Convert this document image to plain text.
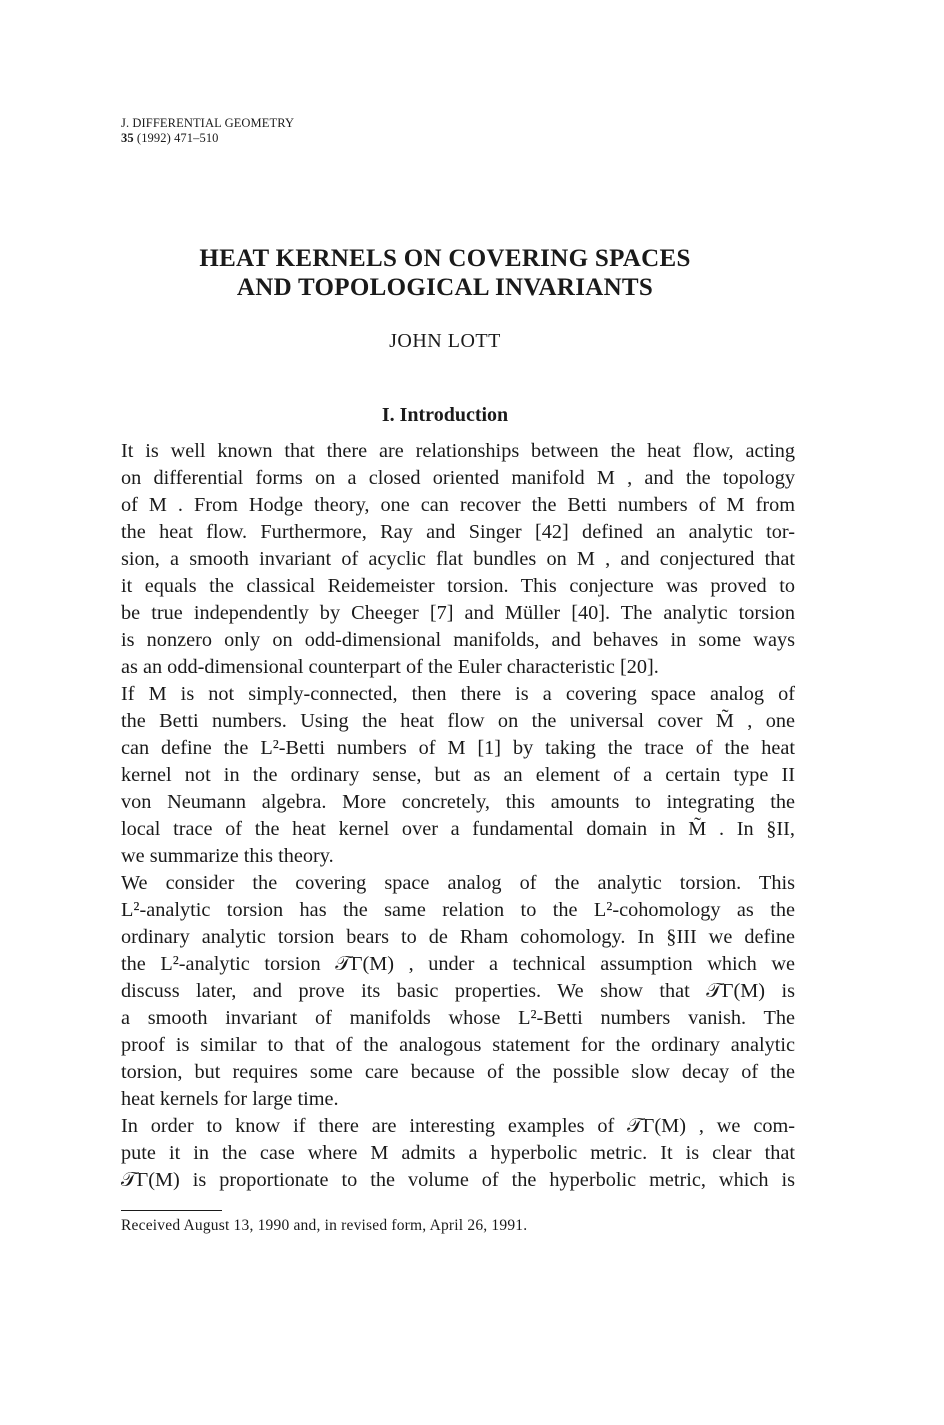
J. DIFFERENTIAL GEOMETRY
35 (1992) 471–510
HEAT KERNELS ON COVERING SPACES
AND TOPOLOGICAL INVARIANTS
JOHN LOTT
I. Introduction

It is well known that there are relationships between the heat flow, acting
on differential forms on a closed oriented manifold M , and the topology
of M . From Hodge theory, one can recover the Betti numbers of M from
the heat flow. Furthermore, Ray and Singer [42] defined an analytic tor-
sion, a smooth invariant of acyclic flat bundles on M , and conjectured that
it equals the classical Reidemeister torsion. This conjecture was proved to
be true independently by Cheeger [7] and Müller [40]. The analytic torsion
is nonzero only on odd-dimensional manifolds, and behaves in some ways
as an odd-dimensional counterpart of the Euler characteristic [20].

If M is not simply-connected, then there is a covering space analog of
the Betti numbers. Using the heat flow on the universal cover M̃ , one
can define the L²-Betti numbers of M [1] by taking the trace of the heat
kernel not in the ordinary sense, but as an element of a certain type II
von Neumann algebra. More concretely, this amounts to integrating the
local trace of the heat kernel over a fundamental domain in M̃ . In §II,
we summarize this theory.

We consider the covering space analog of the analytic torsion. This
L²-analytic torsion has the same relation to the L²-cohomology as the
ordinary analytic torsion bears to de Rham cohomology. In §III we define
the L²-analytic torsion 𝒯Γ(M) , under a technical assumption which we
discuss later, and prove its basic properties. We show that 𝒯Γ(M) is
a smooth invariant of manifolds whose L²-Betti numbers vanish. The
proof is similar to that of the analogous statement for the ordinary analytic
torsion, but requires some care because of the possible slow decay of the
heat kernels for large time.

In order to know if there are interesting examples of 𝒯Γ(M) , we com-
pute it in the case where M admits a hyperbolic metric. It is clear that
𝒯Γ(M) is proportionate to the volume of the hyperbolic metric, which is

Received August 13, 1990 and, in revised form, April 26, 1991.
